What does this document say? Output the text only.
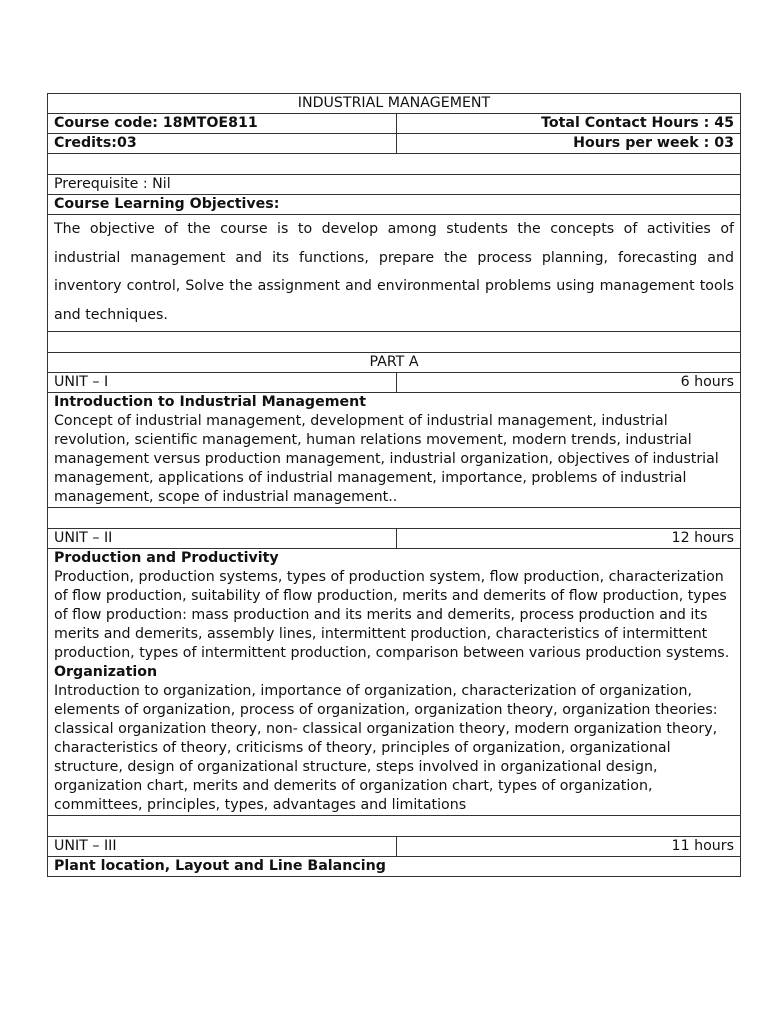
INDUSTRIAL MANAGEMENT	
Course code: 18MTOE811	Total Contact Hours : 45
Credits:03	Hours per week : 03

Prerequisite : Nil	
Course Learning Objectives:	
The objective of the course is to develop among students the concepts of activities of industrial management and its functions, prepare the process planning, forecasting and inventory control, Solve the assignment and environmental problems using management tools and techniques.	

PART A	
UNIT – I	6 hours

Introduction to Industrial Management
Concept of industrial management, development of industrial management, industrial revolution, scientific management, human relations movement, modern trends, industrial management versus production management, industrial organization, objectives of industrial management, applications of industrial management, importance, problems of industrial management, scope of industrial management..	

UNIT – II	12 hours

Production and Productivity
Production, production systems, types of production system, flow production, characterization of flow production, suitability of flow production, merits and demerits of flow production, types of flow production: mass production and its merits and demerits, process production and its merits and demerits, assembly lines, intermittent production, characteristics of intermittent production, types of intermittent production, comparison between various production systems.
Organization
Introduction to organization, importance of organization, characterization of organization, elements of organization, process of organization, organization theory, organization theories: classical organization theory, non- classical organization theory, modern organization theory, characteristics of theory, criticisms of theory, principles of organization, organizational structure, design of organizational structure, steps involved in organizational design, organization chart, merits and demerits of organization chart, types of organization, committees, principles, types, advantages and limitations	

UNIT – III	11 hours
Plant location, Layout and Line Balancing	
